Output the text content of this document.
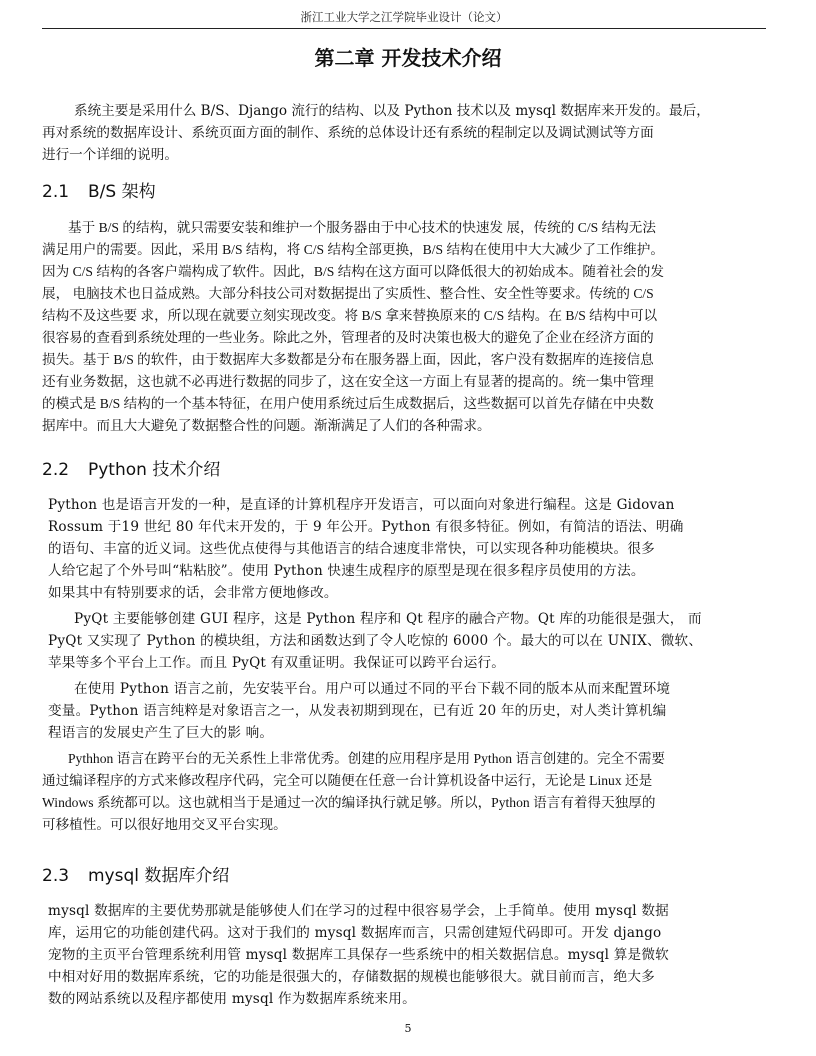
浙江工业大学之江学院毕业设计（论文）
第二章 开发技术介绍
系统主要是采用什么 B/S、Django 流行的结构、以及 Python 技术以及 mysql 数据库来开发的。最后，
再对系统的数据库设计、系统页面方面的制作、系统的总体设计还有系统的程制定以及调试测试等方面
进行一个详细的说明。
2.1 B/S 架构
基于 B/S 的结构，就只需要安装和维护一个服务器由于中心技术的快速发 展，传统的 C/S 结构无法
满足用户的需要。因此，采用 B/S 结构，将 C/S 结构全部更换，B/S 结构在使用中大大减少了工作维护。
因为 C/S 结构的各客户端构成了软件。因此，B/S 结构在这方面可以降低很大的初始成本。随着社会的发
展， 电脑技术也日益成熟。大部分科技公司对数据提出了实质性、整合性、安全性等要求。传统的 C/S
结构不及这些要 求，所以现在就要立刻实现改变。将 B/S 拿来替换原来的 C/S 结构。在 B/S 结构中可以
很容易的查看到系统处理的一些业务。除此之外，管理者的及时决策也极大的避免了企业在经济方面的
损失。基于 B/S 的软件，由于数据库大多数都是分布在服务器上面，因此，客户没有数据库的连接信息
还有业务数据，这也就不必再进行数据的同步了，这在安全这一方面上有显著的提高的。统一集中管理
的模式是 B/S 结构的一个基本特征，在用户使用系统过后生成数据后，这些数据可以首先存储在中央数
据库中。而且大大避免了数据整合性的问题。渐渐满足了人们的各种需求。
2.2 Python 技术介绍
Python 也是语言开发的一种，是直译的计算机程序开发语言，可以面向对象进行编程。这是 Gidovan
Rossum 于19 世纪 80 年代末开发的，于 9 年公开。Python 有很多特征。例如，有简洁的语法、明确
的语句、丰富的近义词。这些优点使得与其他语言的结合速度非常快，可以实现各种功能模块。很多
人给它起了个外号叫“粘粘胶”。使用 Python 快速生成程序的原型是现在很多程序员使用的方法。
如果其中有特别要求的话，会非常方便地修改。
PyQt 主要能够创建 GUI 程序，这是 Python 程序和 Qt 程序的融合产物。Qt 库的功能很是强大， 而
PyQt 又实现了 Python 的模块组，方法和函数达到了令人吃惊的 6000 个。最大的可以在 UNIX、微软、
苹果等多个平台上工作。而且 PyQt 有双重证明。我保证可以跨平台运行。
在使用 Python 语言之前，先安装平台。用户可以通过不同的平台下载不同的版本从而来配置环境
变量。Python 语言纯粹是对象语言之一，从发表初期到现在，已有近 20 年的历史，对人类计算机编
程语言的发展史产生了巨大的影 响。
Pythhon 语言在跨平台的无关系性上非常优秀。创建的应用程序是用 Python 语言创建的。完全不需要
通过编译程序的方式来修改程序代码，完全可以随便在任意一台计算机设备中运行，无论是 Linux 还是
Windows 系统都可以。这也就相当于是通过一次的编译执行就足够。所以，Python 语言有着得天独厚的
可移植性。可以很好地用交叉平台实现。
2.3 mysql 数据库介绍
mysql 数据库的主要优势那就是能够使人们在学习的过程中很容易学会，上手简单。使用 mysql 数据
库，运用它的功能创建代码。这对于我们的 mysql 数据库而言，只需创建短代码即可。开发 django
宠物的主页平台管理系统利用管 mysql 数据库工具保存一些系统中的相关数据信息。mysql 算是微软
中相对好用的数据库系统，它的功能是很强大的，存储数据的规模也能够很大。就目前而言，绝大多
数的网站系统以及程序都使用 mysql 作为数据库系统来用。
5
